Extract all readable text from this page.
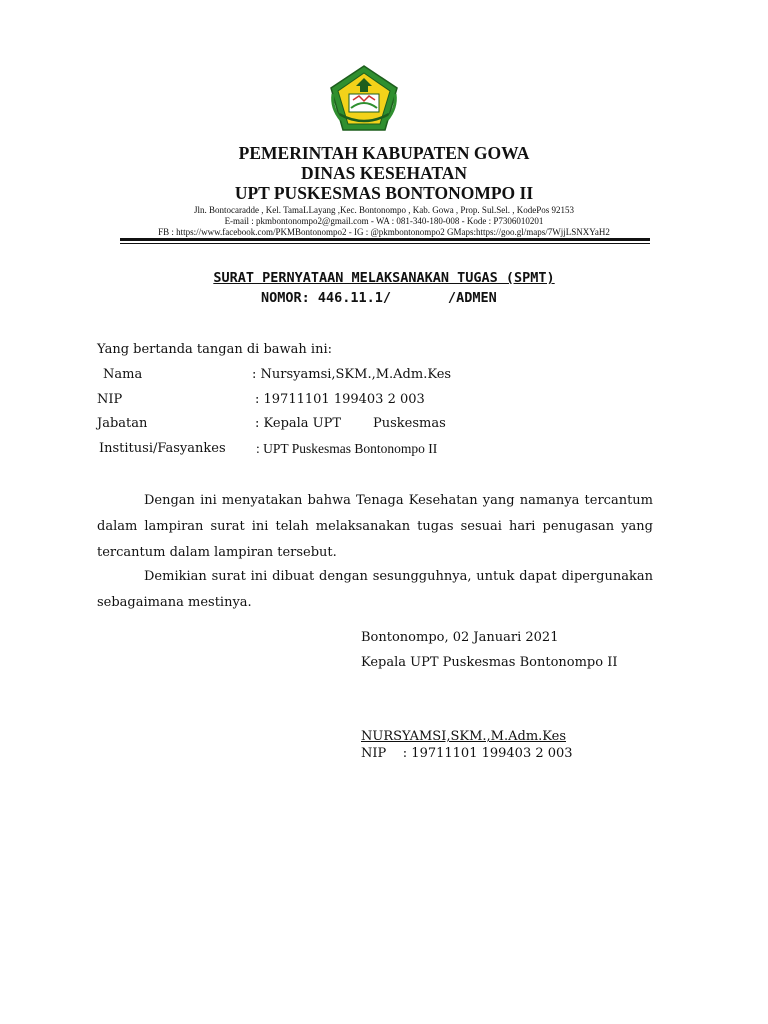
PEMERINTAH KABUPATEN GOWA
DINAS KESEHATAN
UPT PUSKESMAS BONTONOMPO II
Jln. Bontocaradde , Kel. TamaLLayang ,Kec. Bontonompo , Kab. Gowa , Prop. Sul.Sel. , KodePos 92153
E-mail : pkmbontonompo2@gmail.com - WA : 081-340-180-008 - Kode : P7306010201
FB : https://www.facebook.com/PKMBontonompo2 - IG : @pkmbontonompo2 GMaps:https://goo.gl/maps/7WjjLSNXYaH2
SURAT PERNYATAAN MELAKSANAKAN TUGAS (SPMT)
NOMOR: 446.11.1/       /ADMEN
Yang bertanda tangan di bawah ini:
Nama	: Nursyamsi,SKM.,M.Adm.Kes
NIP	: 19711101 199403 2 003
Jabatan	: Kepala UPT Puskesmas
Institusi/Fasyankes : UPT Puskesmas Bontonompo II
Dengan ini menyatakan bahwa Tenaga Kesehatan yang namanya tercantum dalam lampiran surat ini telah melaksanakan tugas sesuai hari penugasan yang tercantum dalam lampiran tersebut.
Demikian surat ini dibuat dengan sesungguhnya, untuk dapat dipergunakan sebagaimana mestinya.
Bontonompo, 02 Januari 2021
Kepala UPT Puskesmas Bontonompo II
NURSYAMSI,SKM.,M.Adm.Kes
NIP    : 19711101 199403 2 003
